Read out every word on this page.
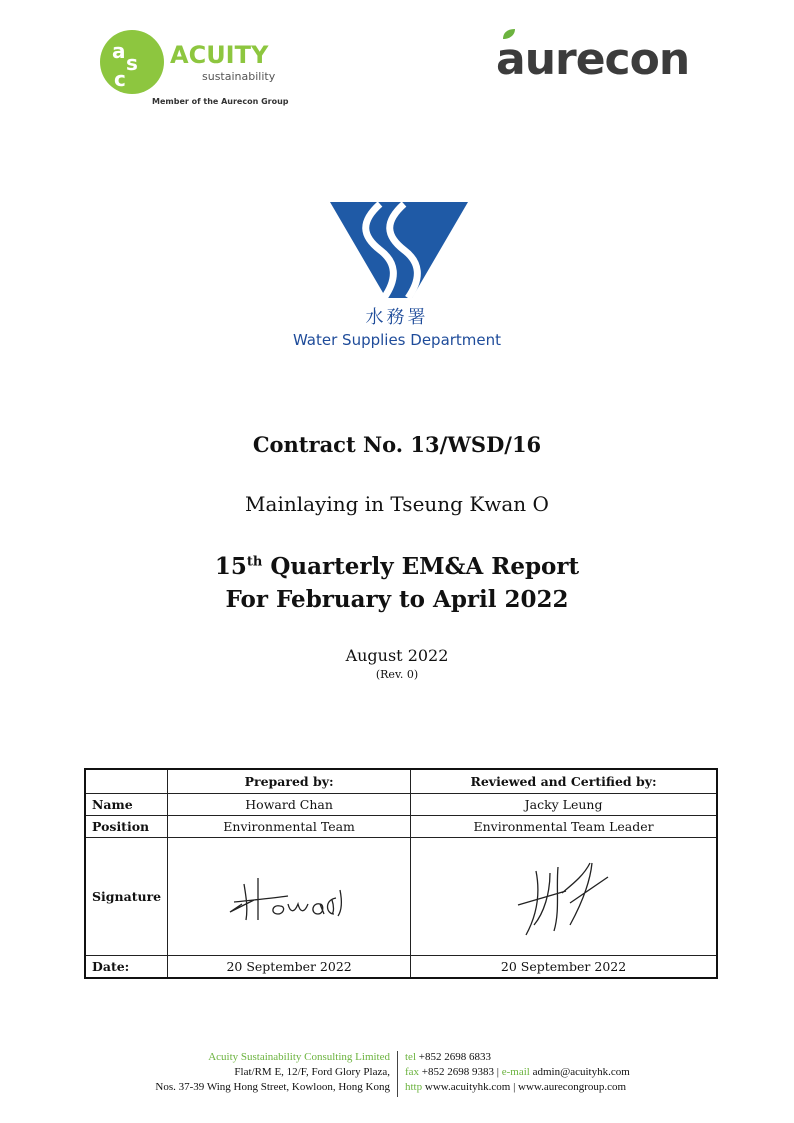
a s
c
ACUITY
sustainability
Member of the Aurecon Group
aurecon
水務署
Water Supplies Department
Contract No. 13/WSD/16
Mainlaying in Tseung Kwan O
15th Quarterly EM&A Report
For February to April 2022
August 2022
(Rev. 0)
	Prepared by:	Reviewed and Certified by:
Name	Howard Chan	Jacky Leung
Position	Environmental Team	Environmental Team Leader
Signature		
Date:	20 September 2022	20 September 2022
Acuity Sustainability Consulting Limited
Flat/RM E, 12/F, Ford Glory Plaza,
Nos. 37-39 Wing Hong Street, Kowloon, Hong Kong
tel +852 2698 6833
fax +852 2698 9383 | e-mail admin@acuityhk.com
http www.acuityhk.com | www.aurecongroup.com
